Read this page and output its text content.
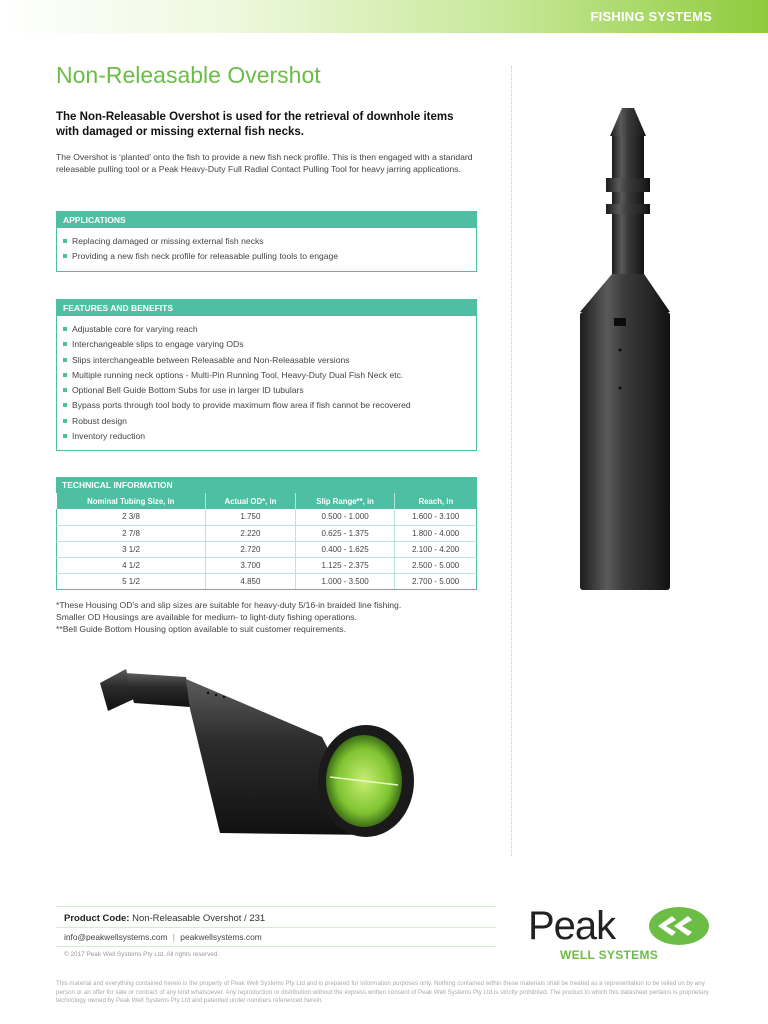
FISHING SYSTEMS
Non-Releasable Overshot

The Non-Releasable Overshot is used for the retrieval of downhole items with damaged or missing external fish necks.

The Overshot is ‘planted’ onto the fish to provide a new fish neck profile. This is then engaged with a standard releasable pulling tool or a Peak Heavy-Duty Full Radial Contact Pulling Tool for heavy jarring applications.

APPLICATIONS
Replacing damaged or missing external fish necks
Providing a new fish neck profile for releasable pulling tools to engage
FEATURES AND BENEFITS
Adjustable core for varying reach
Interchangeable slips to engage varying ODs
Slips interchangeable between Releasable and Non-Releasable versions
Multiple running neck options - Multi-Pin Running Tool, Heavy-Duty Dual Fish Neck etc.
Optional Bell Guide Bottom Subs for use in larger ID tubulars
Bypass ports through tool body to provide maximum flow area if fish cannot be recovered
Robust design
Inventory reduction
TECHNICAL INFORMATION
Nominal Tubing Size, in	Actual OD*, in	Slip Range**, in	Reach, in
2 3/8	1.750	0.500 - 1.000	1.600 - 3.100
2 7/8	2.220	0.625 - 1.375	1.800 - 4.000
3 1/2	2.720	0.400 - 1.625	2.100 - 4.200
4 1/2	3.700	1.125 - 2.375	2.500 - 5.000
5 1/2	4.850	1.000 - 3.500	2.700 - 5.000
*These Housing OD’s and slip sizes are suitable for heavy-duty 5/16-in braided line fishing.
Smaller OD Housings are available for medium- to light-duty fishing operations.
**Bell Guide Bottom Housing option available to suit customer requirements.
Product Code: Non-Releasable Overshot / 231
info@peakwellsystems.com | peakwellsystems.com
© 2017 Peak Well Systems Pty Ltd. All rights reserved.
Peak
WELL SYSTEMS

This material and everything contained herein is the property of Peak Well Systems Pty Ltd and is prepared for information purposes only. Nothing contained within these materials shall be treated as a representation to be relied on by any person or an offer for sale or contract of any kind whatsoever. Any reproduction or distribution without the express written consent of Peak Well Systems Pty Ltd is strictly prohibited. The product to which this datasheet pertains is proprietary technology owned by Peak Well Systems Pty Ltd and patented under numbers referenced herein.
